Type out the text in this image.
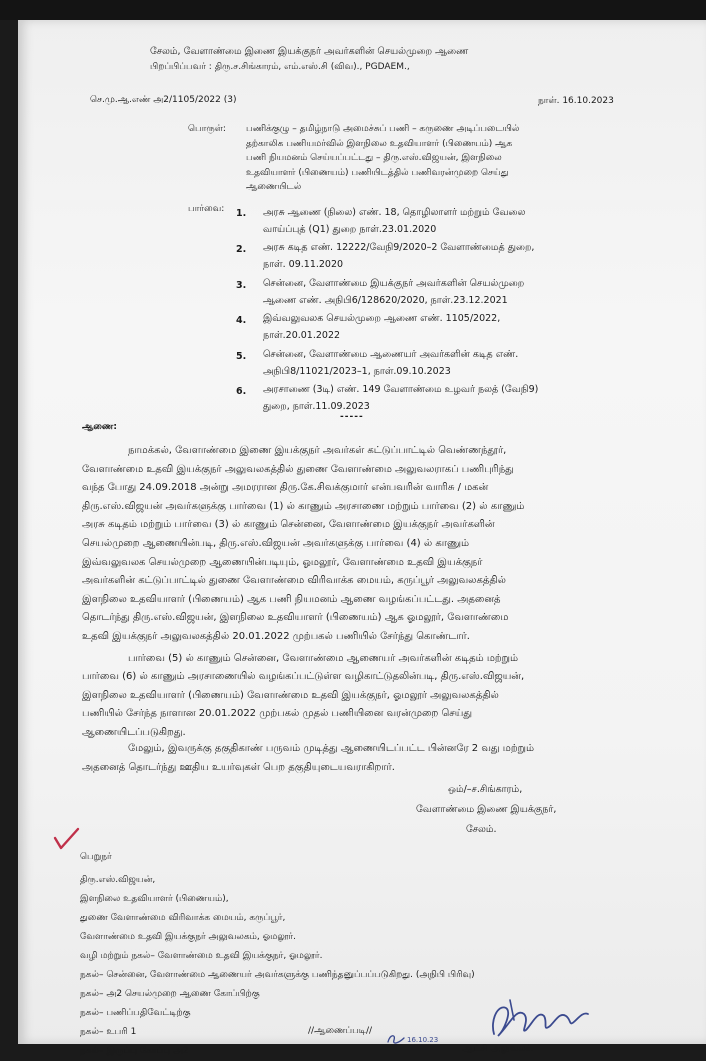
சேலம், வேளாண்மை இணை இயக்குநர் அவர்களின் செயல்முறை ஆணை
பிறப்பிப்பவர் : திரு.ச.சிங்காரம், எம்.எஸ்.சி (விவ)., PGDAEM.,
செ.மு.ஆ.எண் அ2/1105/2022 (3)	நாள். 16.10.2023
பொருள்: பணிக்குழு – தமிழ்நாடு அமைச்சுப் பணி – கருணை அடிப்படையில்
தற்காலிக பணியமர்வில் இளநிலை உதவியாளர் (பிணையம்) ஆக
பணி நியமனம் செய்யப்பட்டது – திரு.எஸ்.விஜயன், இளநிலை
உதவியாளர் (பிணையம்) பணியிடத்தில் பணிவரன்முறை செய்து
ஆணையிடல்
பார்வை: 1. அரசு ஆணை (நிலை) எண். 18, தொழிலாளர் மற்றும் வேலை
வாய்ப்புத் (Q1) துறை நாள்.23.01.2020
2. அரசு கடித எண். 12222/வேநி9/2020–2 வேளாண்மைத் துறை,
நாள். 09.11.2020
3. சென்னை, வேளாண்மை இயக்குநர் அவர்களின் செயல்முறை
ஆணை எண். அநிபி6/128620/2020, நாள்.23.12.2021
4. இவ்வலுவலக செயல்முறை ஆணை எண். 1105/2022,
நாள்.20.01.2022
5. சென்னை, வேளாண்மை ஆணையர் அவர்களின் கடித எண்.
அநிபி8/11021/2023–1, நாள்.09.10.2023
6. அரசாணை (3டி) எண். 149 வேளாண்மை உழவர் நலத் (வேநி9)
துறை, நாள்.11.09.2023
-----
ஆணை:
நாமக்கல், வேளாண்மை இணை இயக்குநர் அவர்கள் கட்டுப்பாட்டில் வெண்ணந்தூர்,
வேளாண்மை உதவி இயக்குநர் அலுவலகத்தில் துணை வேளாண்மை அலுவலராகப் பணிபுரிந்து
வந்த போது 24.09.2018 அன்று அமரரான திரு.கே.சிவக்குமார் என்பவரின் வாரிசு / மகன்
திரு.எஸ்.விஜயன் அவர்களுக்கு பார்வை (1) ல் காணும் அரசாணை மற்றும் பார்வை (2) ல் காணும்
அரசு கடிதம் மற்றும் பார்வை (3) ல் காணும் சென்னை, வேளாண்மை இயக்குநர் அவர்களின்
செயல்முறை ஆணையின்படி, திரு.எஸ்.விஜயன் அவர்களுக்கு பார்வை (4) ல் காணும்
இவ்வலுவலக செயல்முறை ஆணையின்படியும், ஓமலூர், வேளாண்மை உதவி இயக்குநர்
அவர்களின் கட்டுப்பாட்டில் துணை வேளாண்மை விரிவாக்க மையம், கருப்பூர் அலுவலகத்தில்
இளநிலை உதவியாளர் (பிணையம்) ஆக பணி நியமனம் ஆணை வழங்கப்பட்டது. அதனைத்
தொடர்ந்து திரு.எஸ்.விஜயன், இளநிலை உதவியாளர் (பிணையம்) ஆக ஓமலூர், வேளாண்மை
உதவி இயக்குநர் அலுவலகத்தில் 20.01.2022 முற்பகல் பணியில் சேர்ந்து கொண்டார்.
பார்வை (5) ல் காணும் சென்னை, வேளாண்மை ஆணையர் அவர்களின் கடிதம் மற்றும்
பார்வை (6) ல் காணும் அரசாணையில் வழங்கப்பட்டுள்ள வழிகாட்டுதலின்படி, திரு.எஸ்.விஜயன்,
இளநிலை உதவியாளர் (பிணையம்) வேளாண்மை உதவி இயக்குநர், ஓமலூர் அலுவலகத்தில்
பணியில் சேர்ந்த நாளான 20.01.2022 முற்பகல் முதல் பணியினை வரன்முறை செய்து
ஆணையிடப்படுகிறது.
மேலும், இவருக்கு தகுதிகாண் பருவம் முடித்து ஆணையிடப்பட்ட பின்னரே 2 வது மற்றும்
அதனைத் தொடர்ந்து ஊதிய உயர்வுகள் பெற தகுதியுடையவராகிறார்.
ஒம்/–ச.சிங்காரம்,
வேளாண்மை இணை இயக்குநர்,
சேலம்.
பெறுநர்
திரு.எஸ்.விஜயன்,
இளநிலை உதவியாளர் (பிணையம்),
துணை வேளாண்மை விரிவாக்க மையம், கருப்பூர்,
வேளாண்மை உதவி இயக்குநர் அலுவலகம், ஓமலூர்.
வழி மற்றும் நகல்– வேளாண்மை உதவி இயக்குநர், ஓமலூர்.
நகல்– சென்னை, வேளாண்மை ஆணையர் அவர்களுக்கு பணிந்தனுப்பப்படுகிறது. (அநிபி பிரிவு)
நகல்– அ2 செயல்முறை ஆணை கோப்பிற்கு
நகல்– பணிப்பதிவேட்டிற்கு
நகல்– உபரி 1
நகல்– இருப்பு கோப்பு அ2
//ஆணைப்படி//
ஆட்சி அலுவலர்.
16.10.23
